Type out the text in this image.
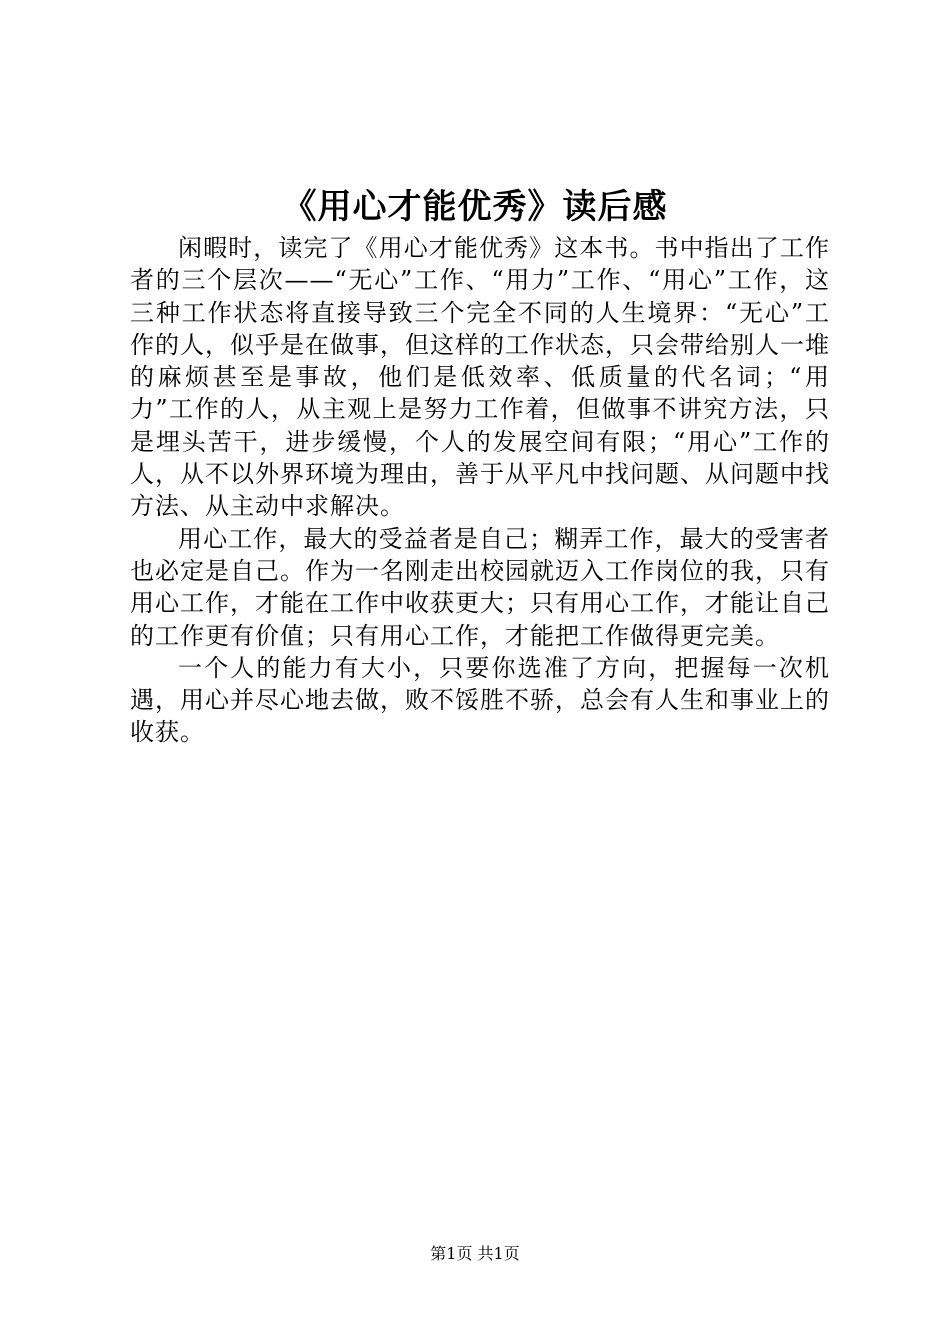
《用心才能优秀》读后感

闲暇时，读完了《用心才能优秀》这本书。书中指出了工作者的三个层次——“无心”工作、“用力”工作、“用心”工作，这三种工作状态将直接导致三个完全不同的人生境界：“无心”工作的人，似乎是在做事，但这样的工作状态，只会带给别人一堆的麻烦甚至是事故，他们是低效率、低质量的代名词；“用力”工作的人，从主观上是努力工作着，但做事不讲究方法，只是埋头苦干，进步缓慢，个人的发展空间有限；“用心”工作的人，从不以外界环境为理由，善于从平凡中找问题、从问题中找方法、从主动中求解决。

用心工作，最大的受益者是自己；糊弄工作，最大的受害者也必定是自己。作为一名刚走出校园就迈入工作岗位的我，只有用心工作，才能在工作中收获更大；只有用心工作，才能让自己的工作更有价值；只有用心工作，才能把工作做得更完美。

一个人的能力有大小，只要你选准了方向，把握每一次机遇，用心并尽心地去做，败不馁胜不骄，总会有人生和事业上的收获。

第1页 共1页
